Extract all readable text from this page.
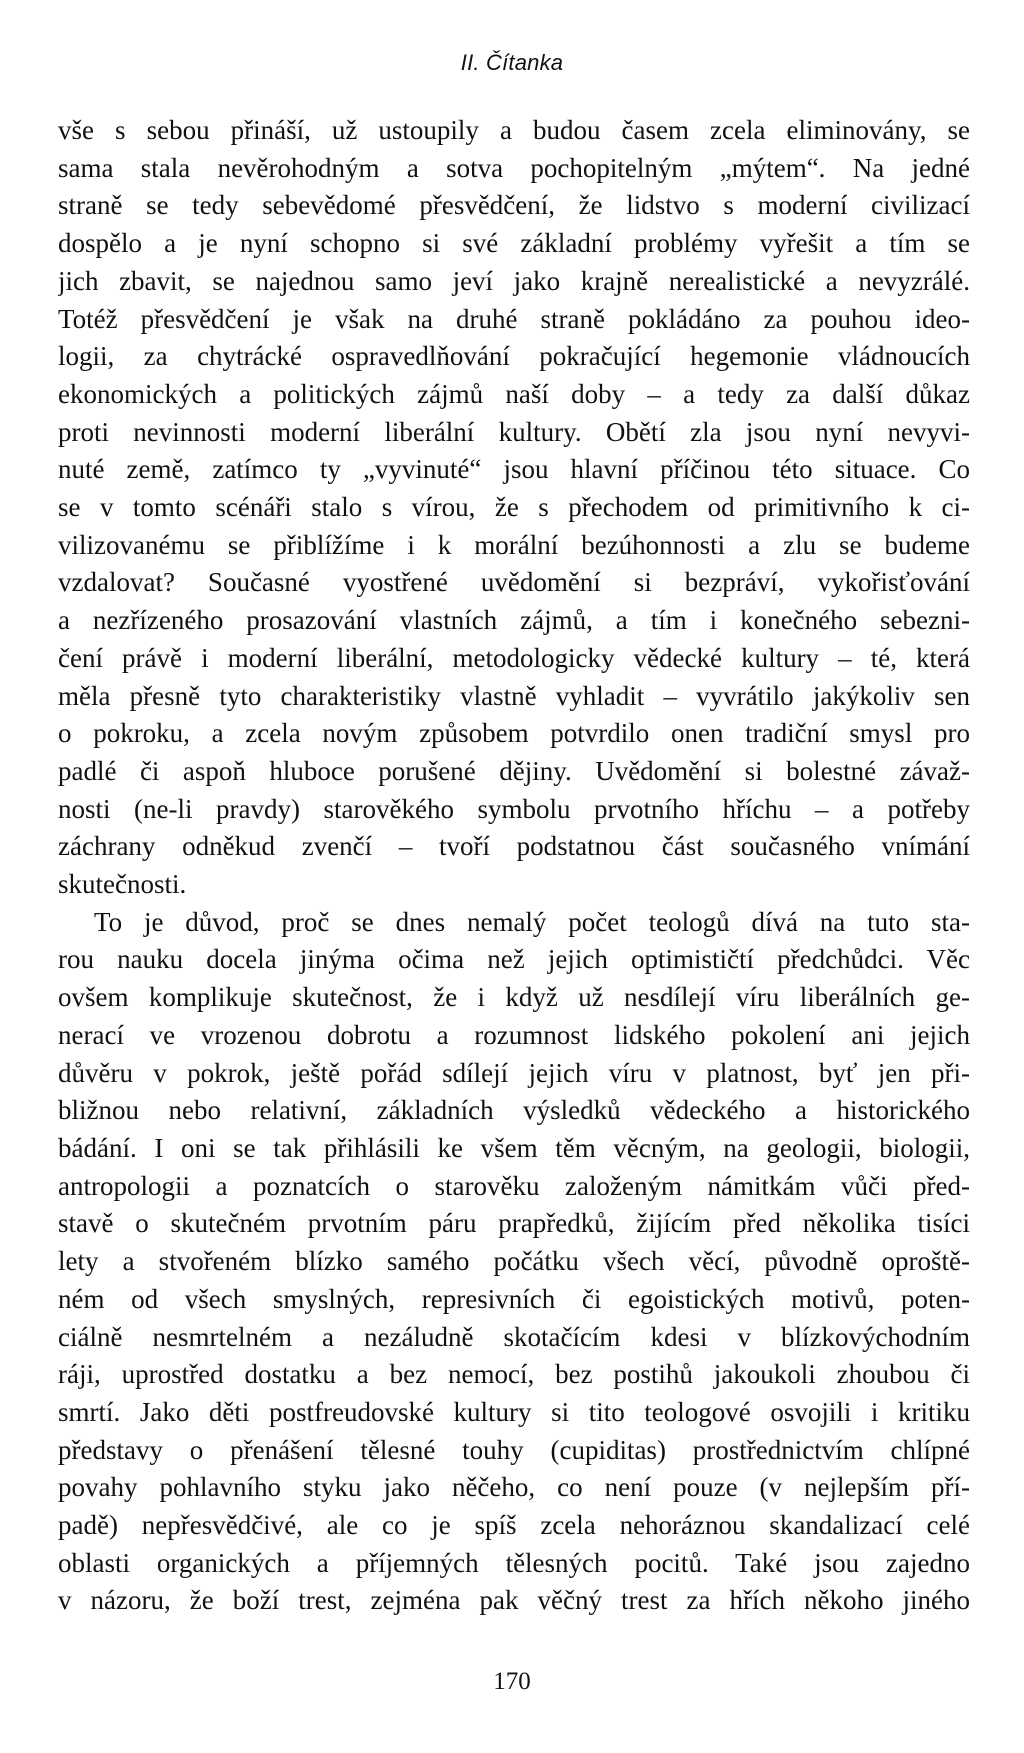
II. Čítanka

vše s sebou přináší, už ustoupily a budou časem zcela eliminovány, se
sama stala nevěrohodným a sotva pochopitelným „mýtem“. Na jedné
straně se tedy sebevědomé přesvědčení, že lidstvo s moderní civilizací
dospělo a je nyní schopno si své základní problémy vyřešit a tím se
jich zbavit, se najednou samo jeví jako krajně nerealistické a nevyzrálé.
Totéž přesvědčení je však na druhé straně pokládáno za pouhou ideo-
logii, za chytrácké ospravedlňování pokračující hegemonie vládnoucích
ekonomických a politických zájmů naší doby – a tedy za další důkaz
proti nevinnosti moderní liberální kultury. Obětí zla jsou nyní nevyvi-
nuté země, zatímco ty „vyvinuté“ jsou hlavní příčinou této situace. Co
se v tomto scénáři stalo s vírou, že s přechodem od primitivního k ci-
vilizovanému se přiblížíme i k morální bezúhonnosti a zlu se budeme
vzdalovat? Současné vyostřené uvědomění si bezpráví, vykořisťování
a nezřízeného prosazování vlastních zájmů, a tím i konečného sebezni-
čení právě i moderní liberální, metodologicky vědecké kultury – té, která
měla přesně tyto charakteristiky vlastně vyhladit – vyvrátilo jakýkoliv sen
o pokroku, a zcela novým způsobem potvrdilo onen tradiční smysl pro
padlé či aspoň hluboce porušené dějiny. Uvědomění si bolestné závaž-
nosti (ne-li pravdy) starověkého symbolu prvotního hříchu – a potřeby
záchrany odněkud zvenčí – tvoří podstatnou část současného vnímání
skutečnosti.

To je důvod, proč se dnes nemalý počet teologů dívá na tuto sta-
rou nauku docela jinýma očima než jejich optimističtí předchůdci. Věc
ovšem komplikuje skutečnost, že i když už nesdílejí víru liberálních ge-
nerací ve vrozenou dobrotu a rozumnost lidského pokolení ani jejich
důvěru v pokrok, ještě pořád sdílejí jejich víru v platnost, byť jen při-
bližnou nebo relativní, základních výsledků vědeckého a historického
bádání. I oni se tak přihlásili ke všem těm věcným, na geologii, biologii,
antropologii a poznatcích o starověku založeným námitkám vůči před-
stavě o skutečném prvotním páru prapředků, žijícím před několika tisíci
lety a stvořeném blízko samého počátku všech věcí, původně oproště-
ném od všech smyslných, represivních či egoistických motivů, poten-
ciálně nesmrtelném a nezáludně skotačícím kdesi v blízkovýchodním
ráji, uprostřed dostatku a bez nemocí, bez postihů jakoukoli zhoubou či
smrtí. Jako děti postfreudovské kultury si tito teologové osvojili i kritiku
představy o přenášení tělesné touhy (cupiditas) prostřednictvím chlípné
povahy pohlavního styku jako něčeho, co není pouze (v nejlepším pří-
padě) nepřesvědčivé, ale co je spíš zcela nehoráznou skandalizací celé
oblasti organických a příjemných tělesných pocitů. Také jsou zajedno
v názoru, že boží trest, zejména pak věčný trest za hřích někoho jiného

170
